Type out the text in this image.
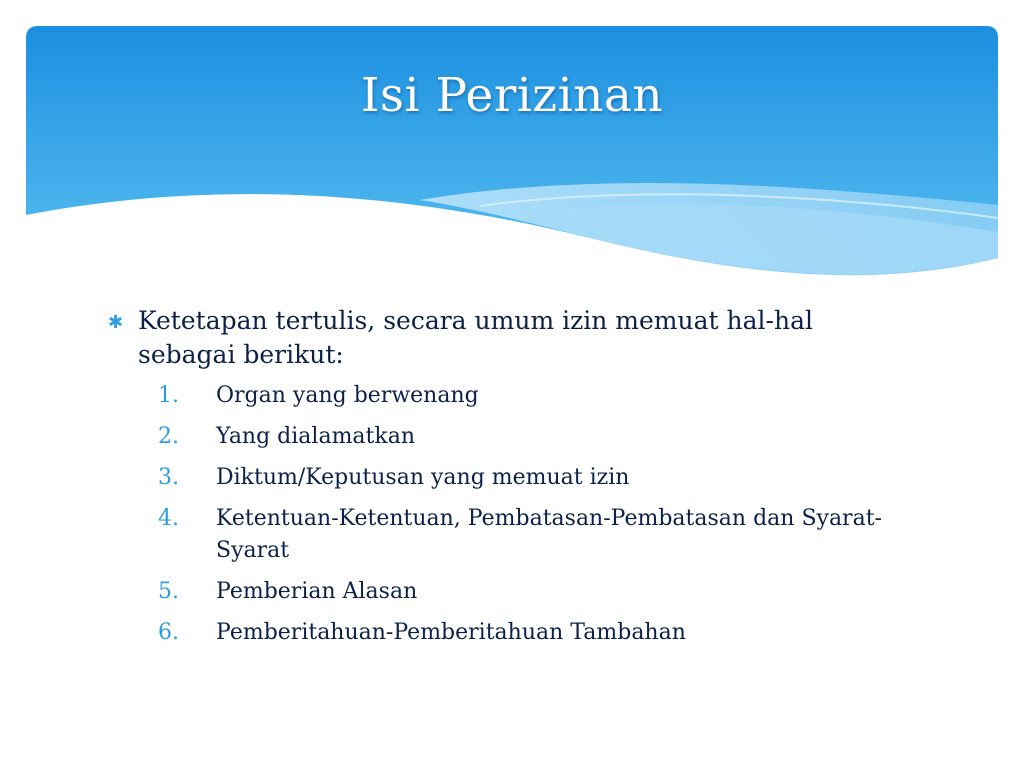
Isi Perizinan
✱ Ketetapan tertulis, secara umum izin memuat hal-hal sebagai berikut:
1.	Organ yang berwenang
2.	Yang dialamatkan
3.	Diktum/Keputusan yang memuat izin
4.	Ketentuan-Ketentuan, Pembatasan-Pembatasan dan Syarat-Syarat
5.	Pemberian Alasan
6.	Pemberitahuan-Pemberitahuan Tambahan
